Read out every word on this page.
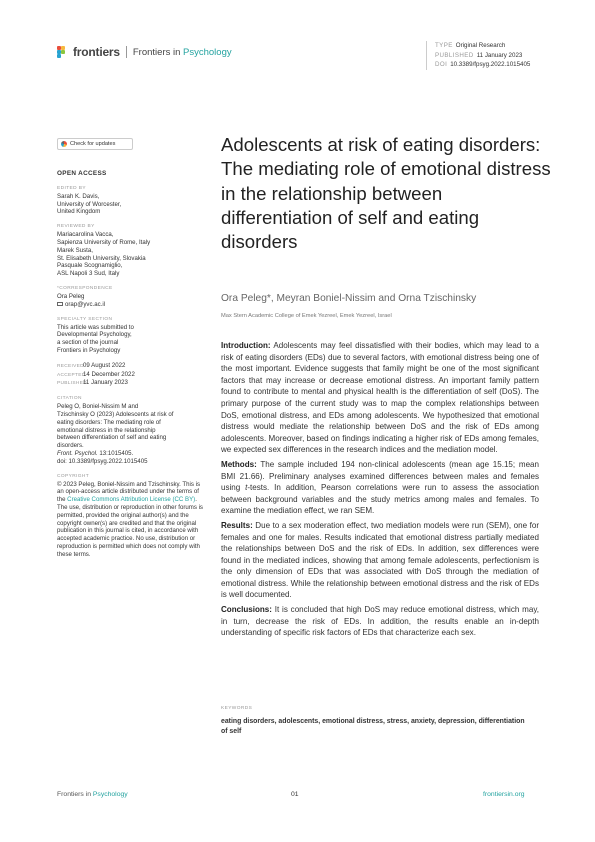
frontiers Frontiers in Psychology
TYPE Original Research
PUBLISHED 11 January 2023
DOI 10.3389/fpsyg.2022.1015405
Check for updates
OPEN ACCESS
EDITED BY
Sarah K. Davis,
University of Worcester,
United Kingdom
REVIEWED BY
Mariacarolina Vacca,
Sapienza University of Rome, Italy
Marek Susta,
St. Elisabeth University, Slovakia
Pasquale Scognamiglio,
ASL Napoli 3 Sud, Italy
*CORRESPONDENCE
Ora Peleg
orap@yvc.ac.il
SPECIALTY SECTION
This article was submitted to
Developmental Psychology,
a section of the journal
Frontiers in Psychology
RECEIVED09 August 2022
ACCEPTED14 December 2022
PUBLISHED11 January 2023
CITATION
Peleg O, Boniel-Nissim M and
Tzischinsky O (2023) Adolescents at risk of
eating disorders: The mediating role of
emotional distress in the relationship
between differentiation of self and eating
disorders.
Front. Psychol. 13:1015405.
doi: 10.3389/fpsyg.2022.1015405
COPYRIGHT
© 2023 Peleg, Boniel-Nissim and Tzischinsky. This is an open-access article distributed under the terms of the Creative Commons Attribution License (CC BY). The use, distribution or reproduction in other forums is permitted, provided the original author(s) and the copyright owner(s) are credited and that the original publication in this journal is cited, in accordance with accepted academic practice. No use, distribution or reproduction is permitted which does not comply with these terms.
Adolescents at risk of eating disorders: The mediating role of emotional distress in the relationship between differentiation of self and eating disorders
Ora Peleg*, Meyran Boniel-Nissim and Orna Tzischinsky
Max Stern Academic College of Emek Yezreel, Emek Yezreel, Israel

Introduction: Adolescents may feel dissatisfied with their bodies, which may lead to a risk of eating disorders (EDs) due to several factors, with emotional distress being one of the most important. Evidence suggests that family might be one of the most significant factors that may increase or decrease emotional distress. An important family pattern found to contribute to mental and physical health is the differentiation of self (DoS). The primary purpose of the current study was to map the complex relationships between DoS, emotional distress, and EDs among adolescents. We hypothesized that emotional distress would mediate the relationship between DoS and the risk of EDs among adolescents. Moreover, based on findings indicating a higher risk of EDs among females, we expected sex differences in the research indices and the mediation model.

Methods: The sample included 194 non-clinical adolescents (mean age 15.15; mean BMI 21.66). Preliminary analyses examined differences between males and females using t-tests. In addition, Pearson correlations were run to assess the association between background variables and the study metrics among males and females. To examine the mediation effect, we ran SEM.

Results: Due to a sex moderation effect, two mediation models were run (SEM), one for females and one for males. Results indicated that emotional distress partially mediated the relationships between DoS and the risk of EDs. In addition, sex differences were found in the mediated indices, showing that among female adolescents, perfectionism is the only dimension of EDs that was associated with DoS through the mediation of emotional distress. While the relationship between emotional distress and the risk of EDs is well documented.

Conclusions: It is concluded that high DoS may reduce emotional distress, which may, in turn, decrease the risk of EDs. In addition, the results enable an in-depth understanding of specific risk factors of EDs that characterize each sex.

KEYWORDS
eating disorders, adolescents, emotional distress, stress, anxiety, depression, differentiation of self
Frontiers in Psychology	01	frontiersin.org
